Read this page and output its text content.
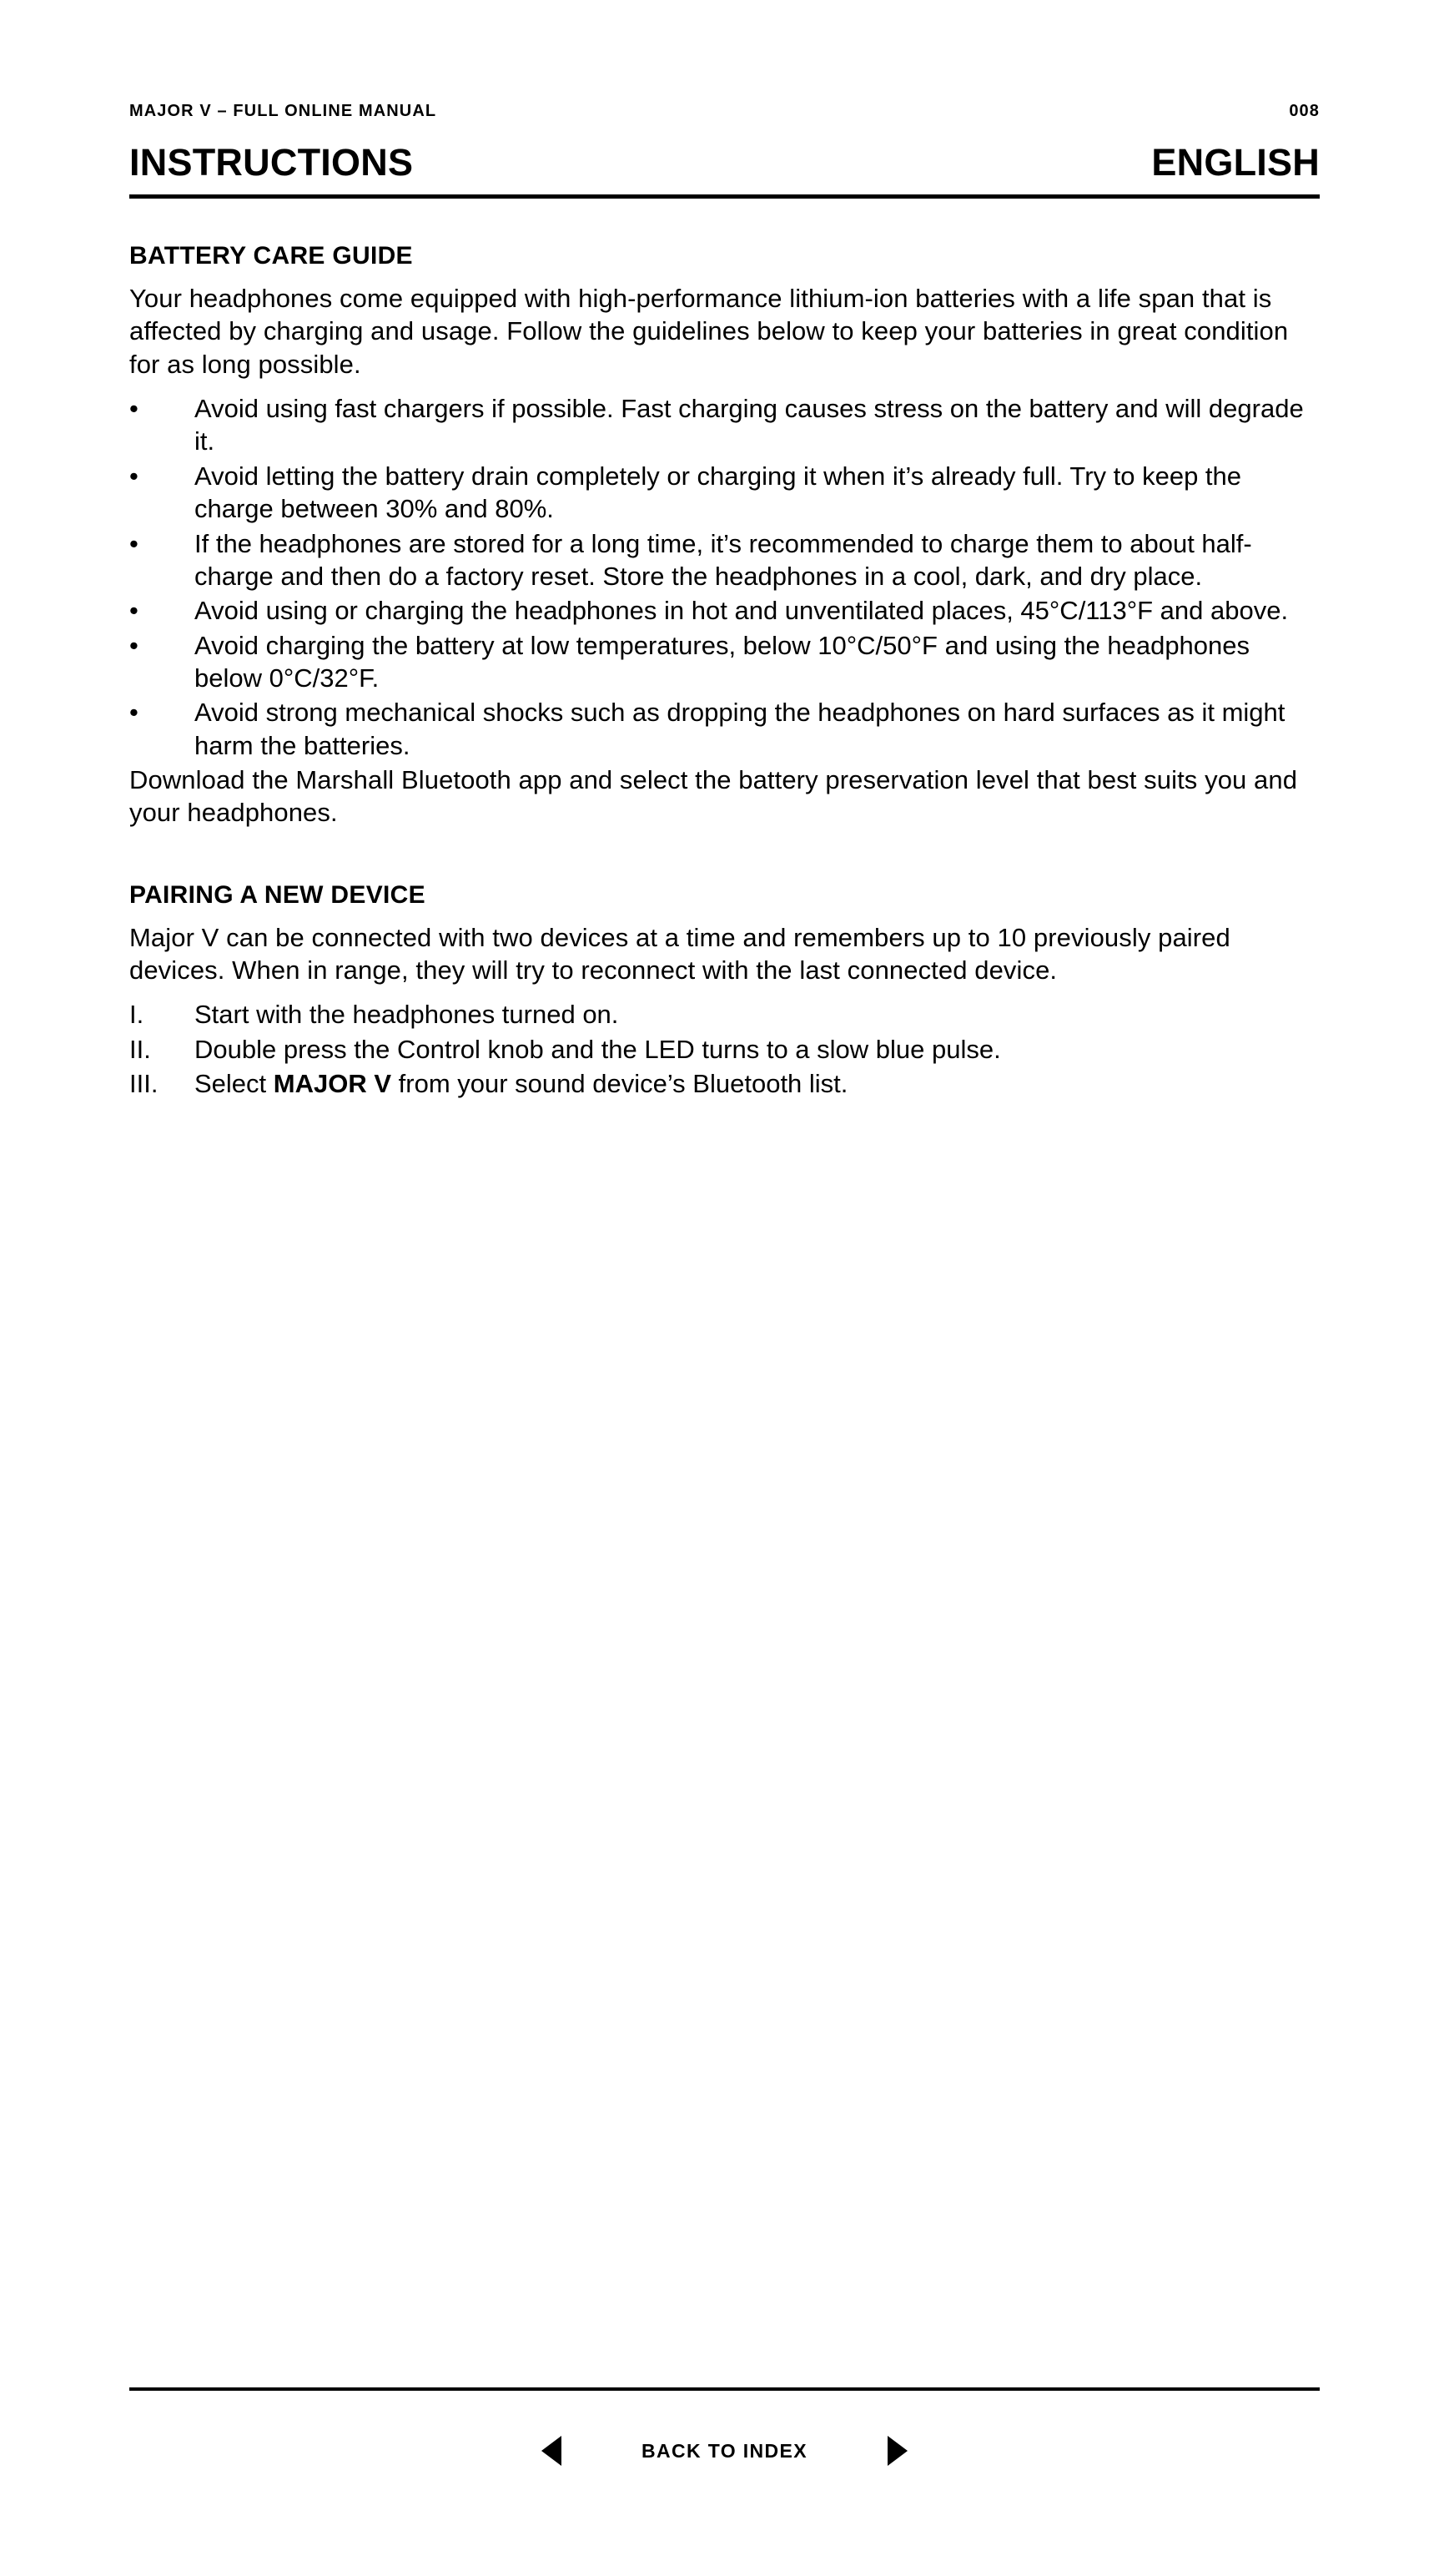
MAJOR V – FULL ONLINE MANUAL	008
INSTRUCTIONS	ENGLISH
BATTERY CARE GUIDE

Your headphones come equipped with high-performance lithium-ion batteries with a life span that is affected by charging and usage. Follow the guidelines below to keep your batteries in great condition for as long possible.

•	Avoid using fast chargers if possible. Fast charging causes stress on the battery and will degrade it.
•	Avoid letting the battery drain completely or charging it when it’s already full. Try to keep the charge between 30% and 80%.
•	If the headphones are stored for a long time, it’s recommended to charge them to about half-charge and then do a factory reset. Store the headphones in a cool, dark, and dry place.
•	Avoid using or charging the headphones in hot and unventilated places, 45°C/113°F and above.
•	Avoid charging the battery at low temperatures, below 10°C/50°F and using the headphones below 0°C/32°F.
•	Avoid strong mechanical shocks such as dropping the headphones on hard surfaces as it might harm the batteries.

Download the Marshall Bluetooth app and select the battery preservation level that best suits you and your headphones.

PAIRING A NEW DEVICE

Major V can be connected with two devices at a time and remembers up to 10 previously paired devices. When in range, they will try to reconnect with the last connected device.

I.	Start with the headphones turned on.
II.	Double press the Control knob and the LED turns to a slow blue pulse.
III.	Select MAJOR V from your sound device’s Bluetooth list.
BACK TO INDEX
